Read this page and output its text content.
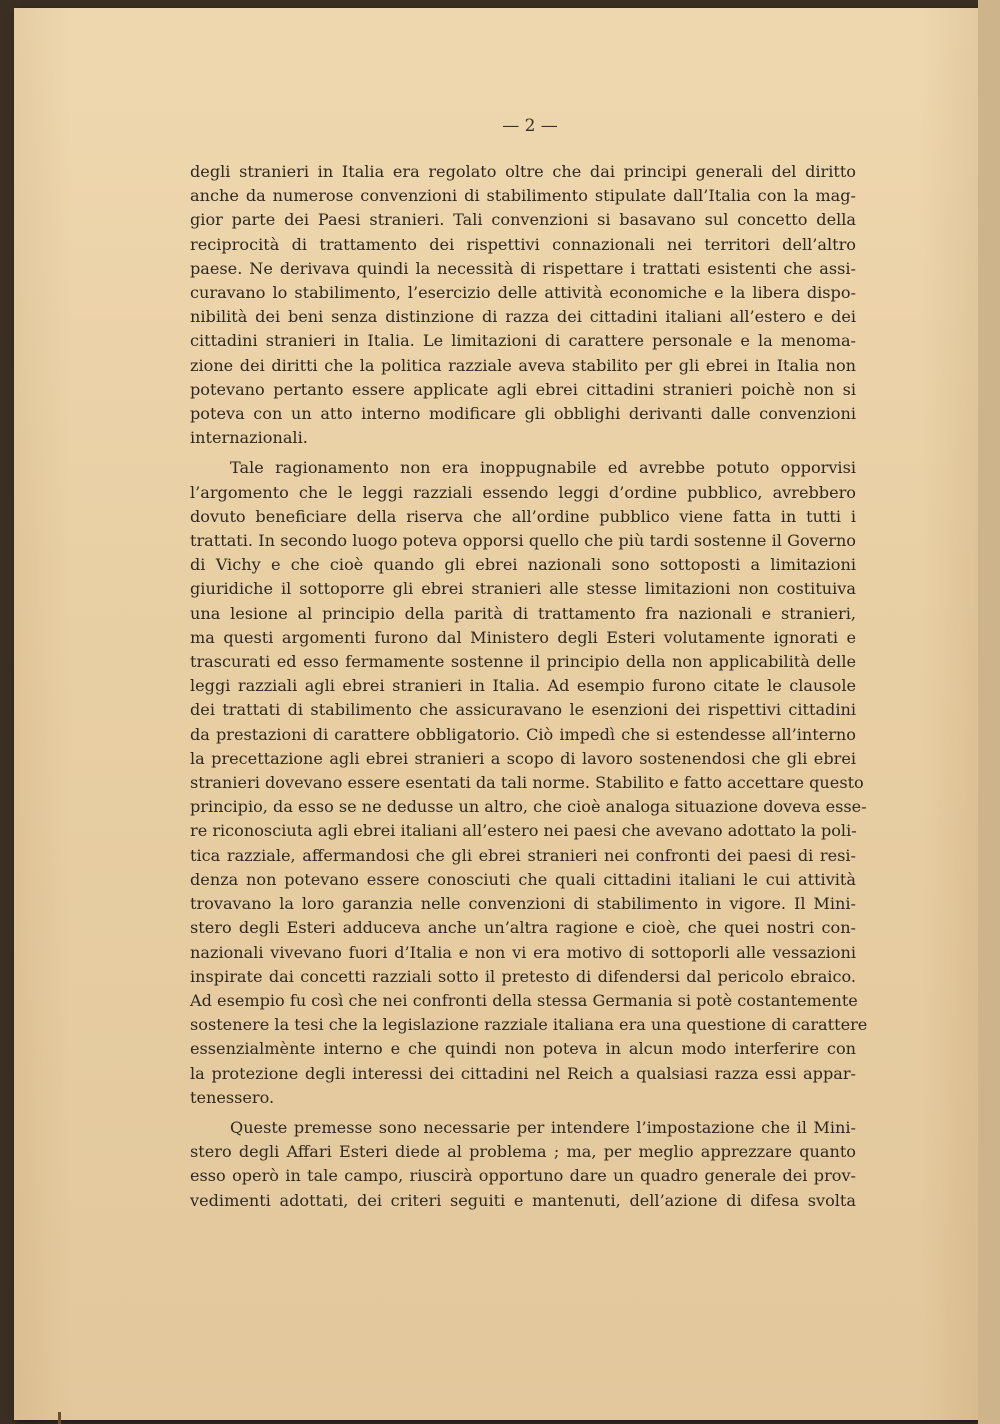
— 2 —
degli stranieri in Italia era regolato oltre che dai principi generali del diritto
anche da numerose convenzioni di stabilimento stipulate dall’Italia con la mag-
gior parte dei Paesi stranieri. Tali convenzioni si basavano sul concetto della
reciprocità di trattamento dei rispettivi connazionali nei territori dell’altro
paese. Ne derivava quindi la necessità di rispettare i trattati esistenti che assi-
curavano lo stabilimento, l’esercizio delle attività economiche e la libera dispo-
nibilità dei beni senza distinzione di razza dei cittadini italiani all’estero e dei
cittadini stranieri in Italia. Le limitazioni di carattere personale e la menoma-
zione dei diritti che la politica razziale aveva stabilito per gli ebrei in Italia non
potevano pertanto essere applicate agli ebrei cittadini stranieri poichè non si
poteva con un atto interno modificare gli obblighi derivanti dalle convenzioni
internazionali.
Tale ragionamento non era inoppugnabile ed avrebbe potuto opporvisi
l’argomento che le leggi razziali essendo leggi d’ordine pubblico, avrebbero
dovuto beneficiare della riserva che all’ordine pubblico viene fatta in tutti i
trattati. In secondo luogo poteva opporsi quello che più tardi sostenne il Governo
di Vichy e che cioè quando gli ebrei nazionali sono sottoposti a limitazioni
giuridiche il sottoporre gli ebrei stranieri alle stesse limitazioni non costituiva
una lesione al principio della parità di trattamento fra nazionali e stranieri,
ma questi argomenti furono dal Ministero degli Esteri volutamente ignorati e
trascurati ed esso fermamente sostenne il principio della non applicabilità delle
leggi razziali agli ebrei stranieri in Italia. Ad esempio furono citate le clausole
dei trattati di stabilimento che assicuravano le esenzioni dei rispettivi cittadini
da prestazioni di carattere obbligatorio. Ciò impedì che si estendesse all’interno
la precettazione agli ebrei stranieri a scopo di lavoro sostenendosi che gli ebrei
stranieri dovevano essere esentati da tali norme. Stabilito e fatto accettare questo
principio, da esso se ne dedusse un altro, che cioè analoga situazione doveva esse-
re riconosciuta agli ebrei italiani all’estero nei paesi che avevano adottato la poli-
tica razziale, affermandosi che gli ebrei stranieri nei confronti dei paesi di resi-
denza non potevano essere conosciuti che quali cittadini italiani le cui attività
trovavano la loro garanzia nelle convenzioni di stabilimento in vigore. Il Mini-
stero degli Esteri adduceva anche un’altra ragione e cioè, che quei nostri con-
nazionali vivevano fuori d’Italia e non vi era motivo di sottoporli alle vessazioni
inspirate dai concetti razziali sotto il pretesto di difendersi dal pericolo ebraico.
Ad esempio fu così che nei confronti della stessa Germania si potè costantemente
sostenere la tesi che la legislazione razziale italiana era una questione di carattere
essenzialmènte interno e che quindi non poteva in alcun modo interferire con
la protezione degli interessi dei cittadini nel Reich a qualsiasi razza essi appar-
tenessero.
Queste premesse sono necessarie per intendere l’impostazione che il Mini-
stero degli Affari Esteri diede al problema ; ma, per meglio apprezzare quanto
esso operò in tale campo, riuscirà opportuno dare un quadro generale dei prov-
vedimenti adottati, dei criteri seguiti e mantenuti, dell’azione di difesa svolta
